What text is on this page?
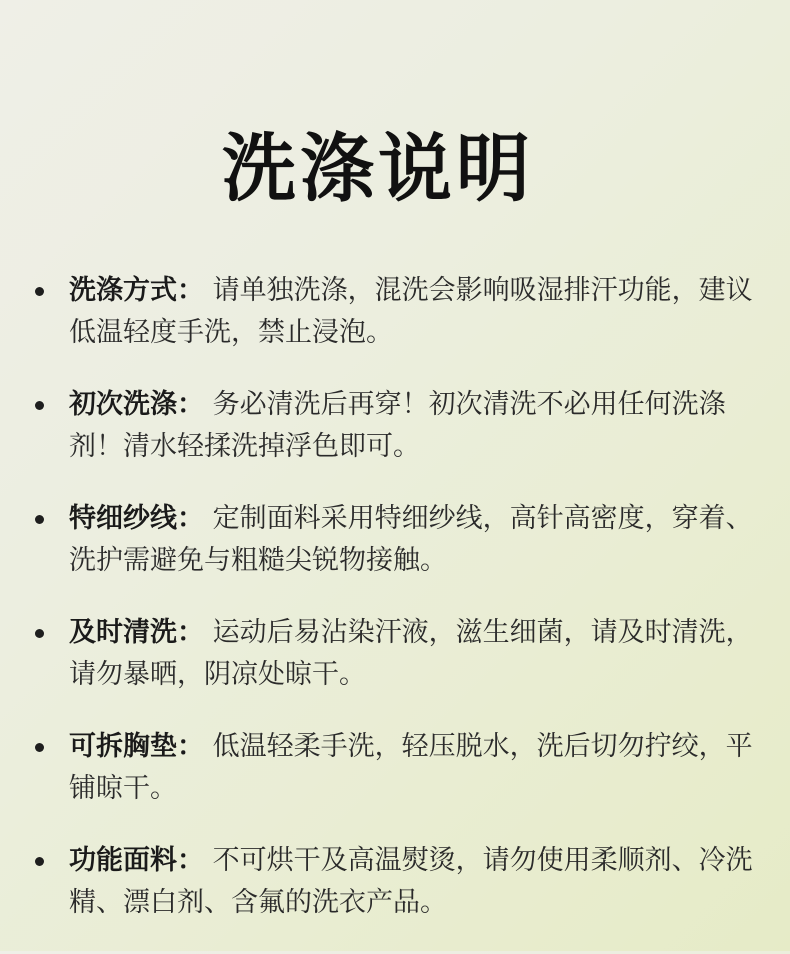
洗涤说明
洗涤方式： 请单独洗涤，混洗会影响吸湿排汗功能，建议低温轻度手洗，禁止浸泡。
初次洗涤： 务必清洗后再穿！初次清洗不必用任何洗涤剂！清水轻揉洗掉浮色即可。
特细纱线： 定制面料采用特细纱线，高针高密度，穿着、洗护需避免与粗糙尖锐物接触。
及时清洗： 运动后易沾染汗液，滋生细菌，请及时清洗，请勿暴晒，阴凉处晾干。
可拆胸垫： 低温轻柔手洗，轻压脱水，洗后切勿拧绞，平铺晾干。
功能面料： 不可烘干及高温熨烫，请勿使用柔顺剂、冷洗精、漂白剂、含氟的洗衣产品。
